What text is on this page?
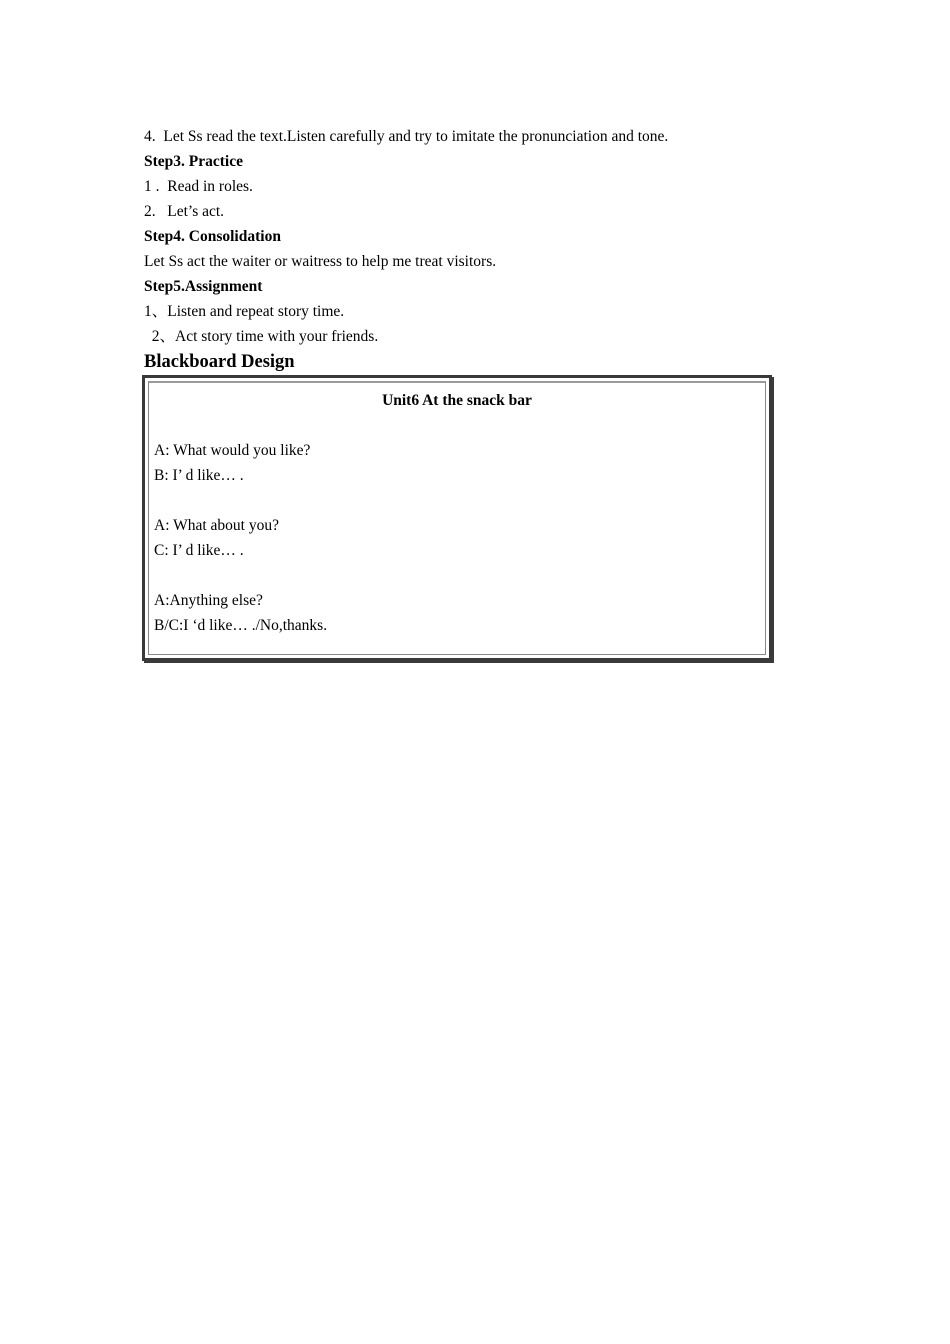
4.  Let Ss read the text.Listen carefully and try to imitate the pronunciation and tone.
Step3. Practice
1 .  Read in roles.
2.   Let’s act.
Step4. Consolidation
Let Ss act the waiter or waitress to help me treat visitors.
Step5.Assignment
1、Listen and repeat story time.
2、Act story time with your friends.
Blackboard Design
Unit6 At the snack bar
A: What would you like?
B: I’ d like… .
A: What about you?
C: I’ d like… .
A:Anything else?
B/C:I ‘d like… ./No,thanks.
